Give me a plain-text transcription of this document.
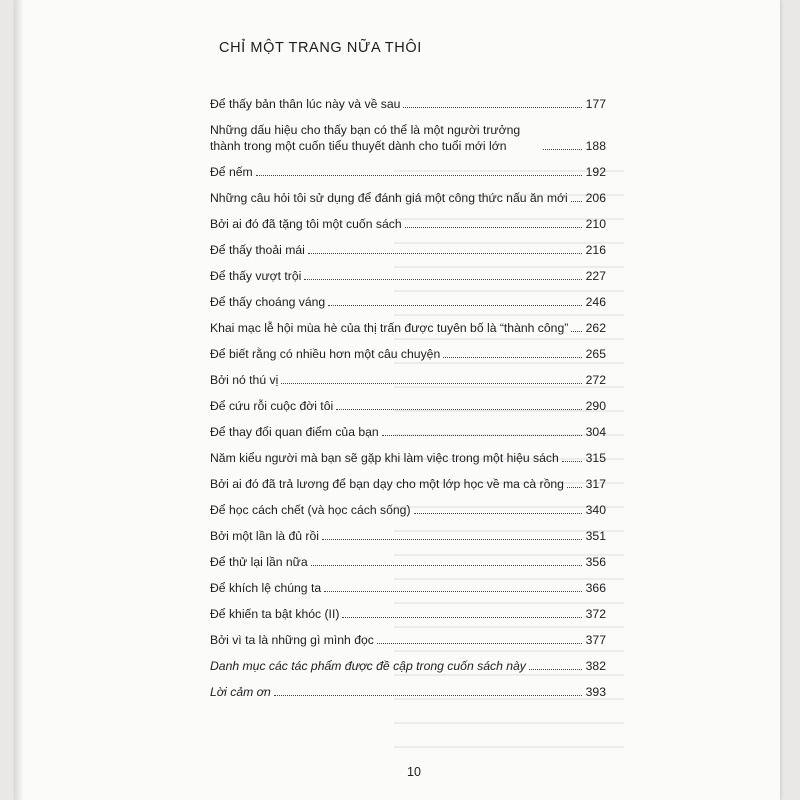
CHỈ MỘT TRANG NỮA THÔI
Để thấy bản thân lúc này và về sau	177
Những dấu hiệu cho thấy bạn có thể là một người trưởng thành trong một cuốn tiểu thuyết dành cho tuổi mới lớn	188
Để nếm	192
Những câu hỏi tôi sử dụng để đánh giá một công thức nấu ăn mới 206
Bởi ai đó đã tặng tôi một cuốn sách	210
Để thấy thoải mái	216
Để thấy vượt trội	227
Để thấy choáng váng	246
Khai mạc lễ hội mùa hè của thị trấn được tuyên bố là “thành công” 262
Để biết rằng có nhiều hơn một câu chuyện	265
Bởi nó thú vị	272
Để cứu rỗi cuộc đời tôi	290
Để thay đổi quan điểm của bạn	304
Năm kiểu người mà bạn sẽ gặp khi làm việc trong một hiệu sách 315
Bởi ai đó đã trả lương để bạn dạy cho một lớp học về ma cà rồng 317
Để học cách chết (và học cách sống)	340
Bởi một lần là đủ rồi	351
Để thử lại lần nữa	356
Để khích lệ chúng ta	366
Để khiến ta bật khóc (II)	372
Bởi vì ta là những gì mình đọc	377
Danh mục các tác phẩm được đề cập trong cuốn sách này	382
Lời cảm ơn	393
10
